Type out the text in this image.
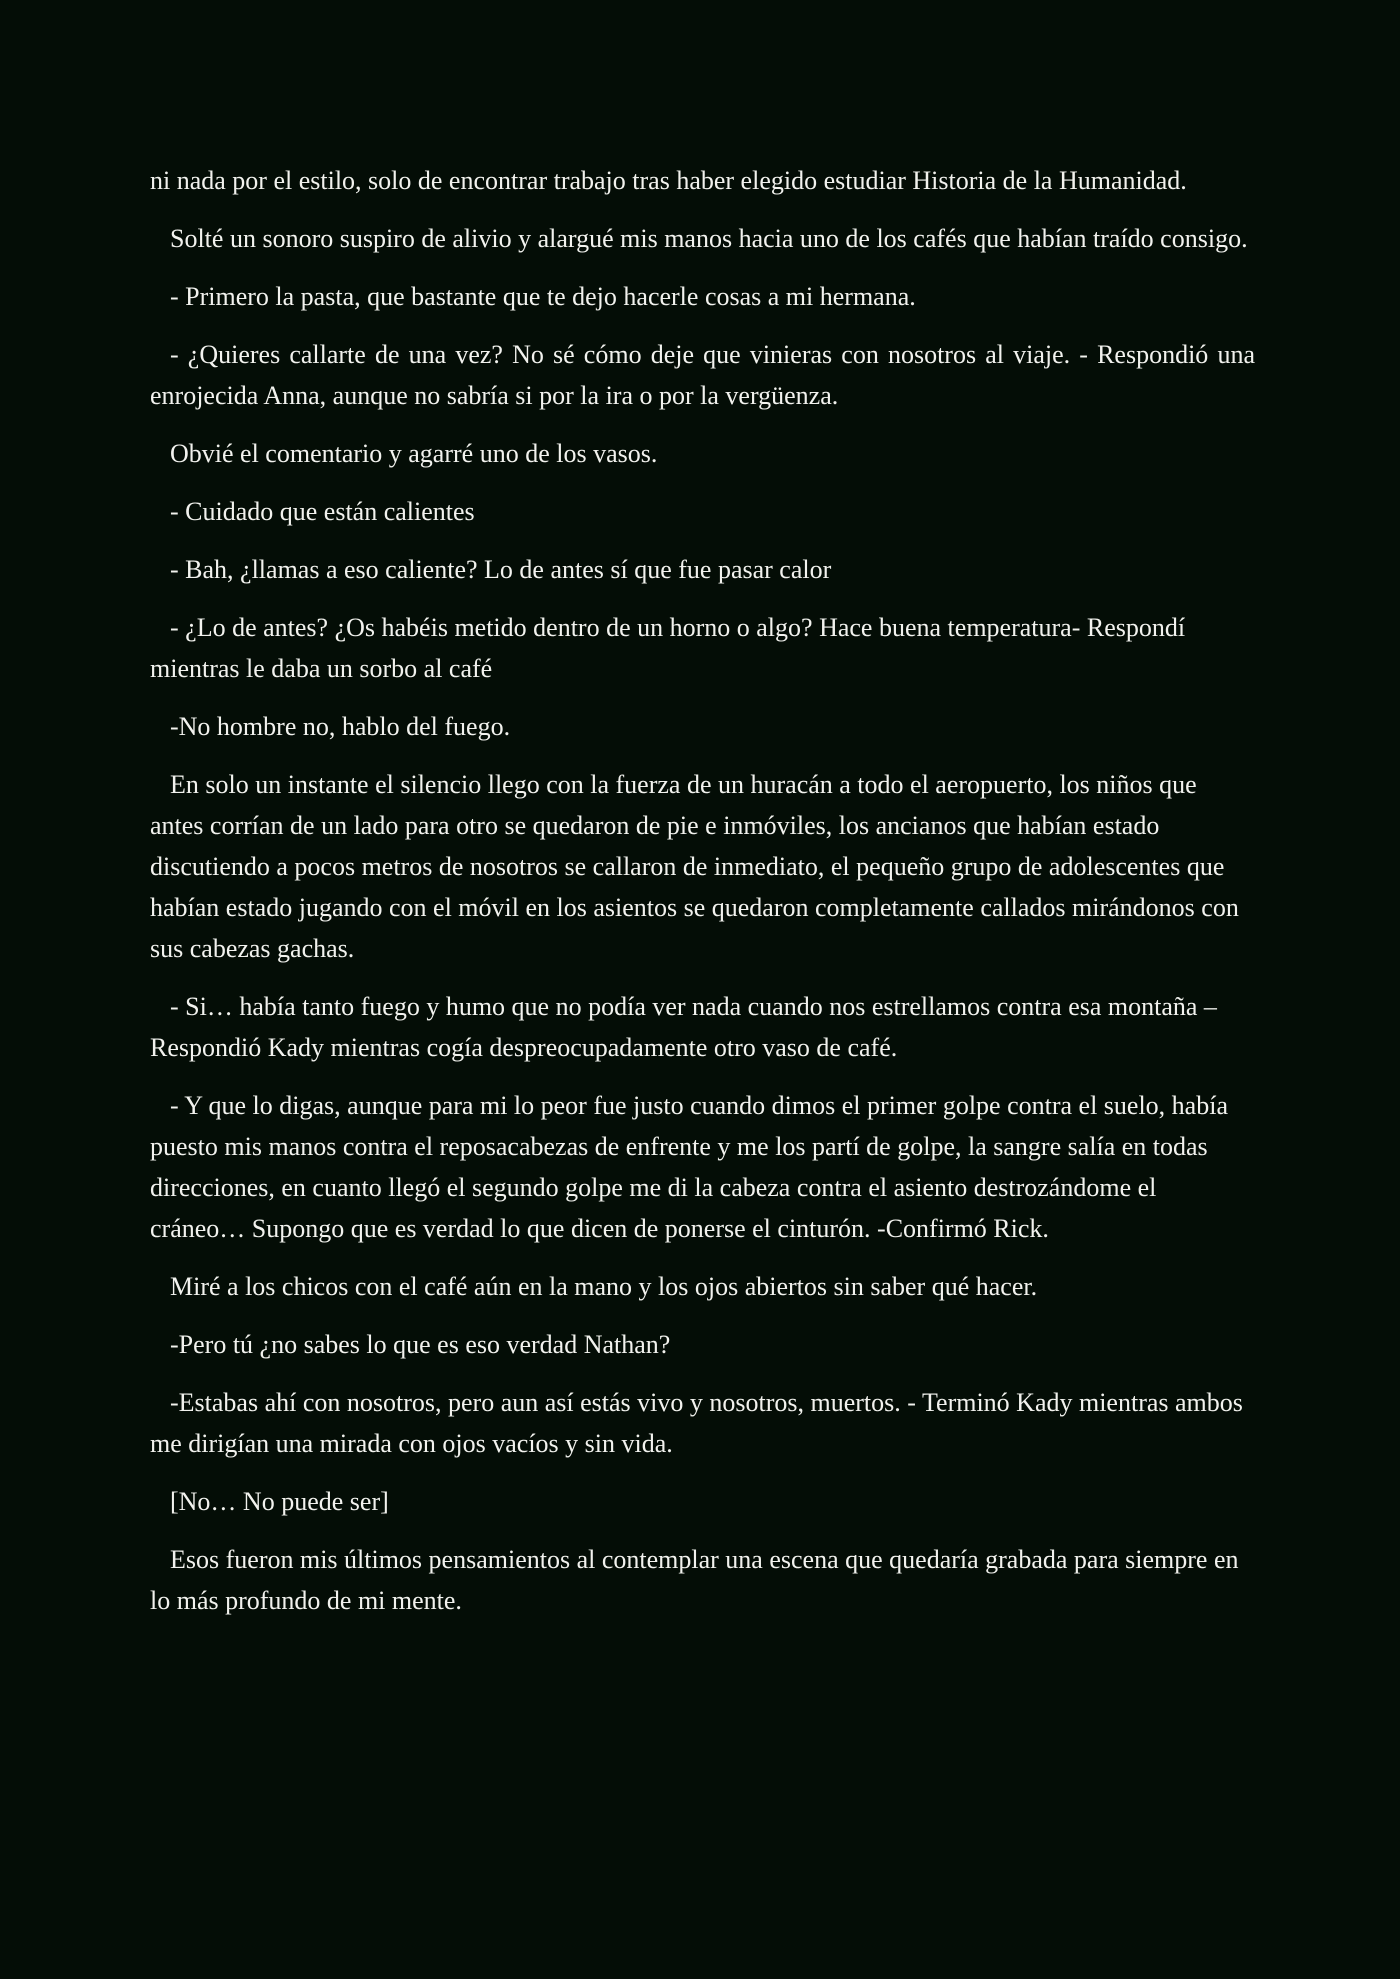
ni nada por el estilo, solo de encontrar trabajo tras haber elegido estudiar Historia de la Humanidad.

Solté un sonoro suspiro de alivio y alargué mis manos hacia uno de los cafés que habían traído consigo.

- Primero la pasta, que bastante que te dejo hacerle cosas a mi hermana.

- ¿Quieres callarte de una vez? No sé cómo deje que vinieras con nosotros al viaje. - Respondió una enrojecida Anna, aunque no sabría si por la ira o por la vergüenza.

Obvié el comentario y agarré uno de los vasos.

- Cuidado que están calientes

- Bah, ¿llamas a eso caliente? Lo de antes sí que fue pasar calor

- ¿Lo de antes? ¿Os habéis metido dentro de un horno o algo? Hace buena temperatura- Respondí mientras le daba un sorbo al café

-No hombre no, hablo del fuego.

En solo un instante el silencio llego con la fuerza de un huracán a todo el aeropuerto, los niños que antes corrían de un lado para otro se quedaron de pie e inmóviles, los ancianos que habían estado discutiendo a pocos metros de nosotros se callaron de inmediato, el pequeño grupo de adolescentes que habían estado jugando con el móvil en los asientos se quedaron completamente callados mirándonos con sus cabezas gachas.

- Si… había tanto fuego y humo que no podía ver nada cuando nos estrellamos contra esa montaña – Respondió Kady mientras cogía despreocupadamente otro vaso de café.

- Y que lo digas, aunque para mi lo peor fue justo cuando dimos el primer golpe contra el suelo, había puesto mis manos contra el reposacabezas de enfrente y me los partí de golpe, la sangre salía en todas direcciones, en cuanto llegó el segundo golpe me di la cabeza contra el asiento destrozándome el cráneo… Supongo que es verdad lo que dicen de ponerse el cinturón. -Confirmó Rick.

Miré a los chicos con el café aún en la mano y los ojos abiertos sin saber qué hacer.

-Pero tú ¿no sabes lo que es eso verdad Nathan?

-Estabas ahí con nosotros, pero aun así estás vivo y nosotros, muertos. - Terminó Kady mientras ambos me dirigían una mirada con ojos vacíos y sin vida.

[No… No puede ser]

Esos fueron mis últimos pensamientos al contemplar una escena que quedaría grabada para siempre en lo más profundo de mi mente.
